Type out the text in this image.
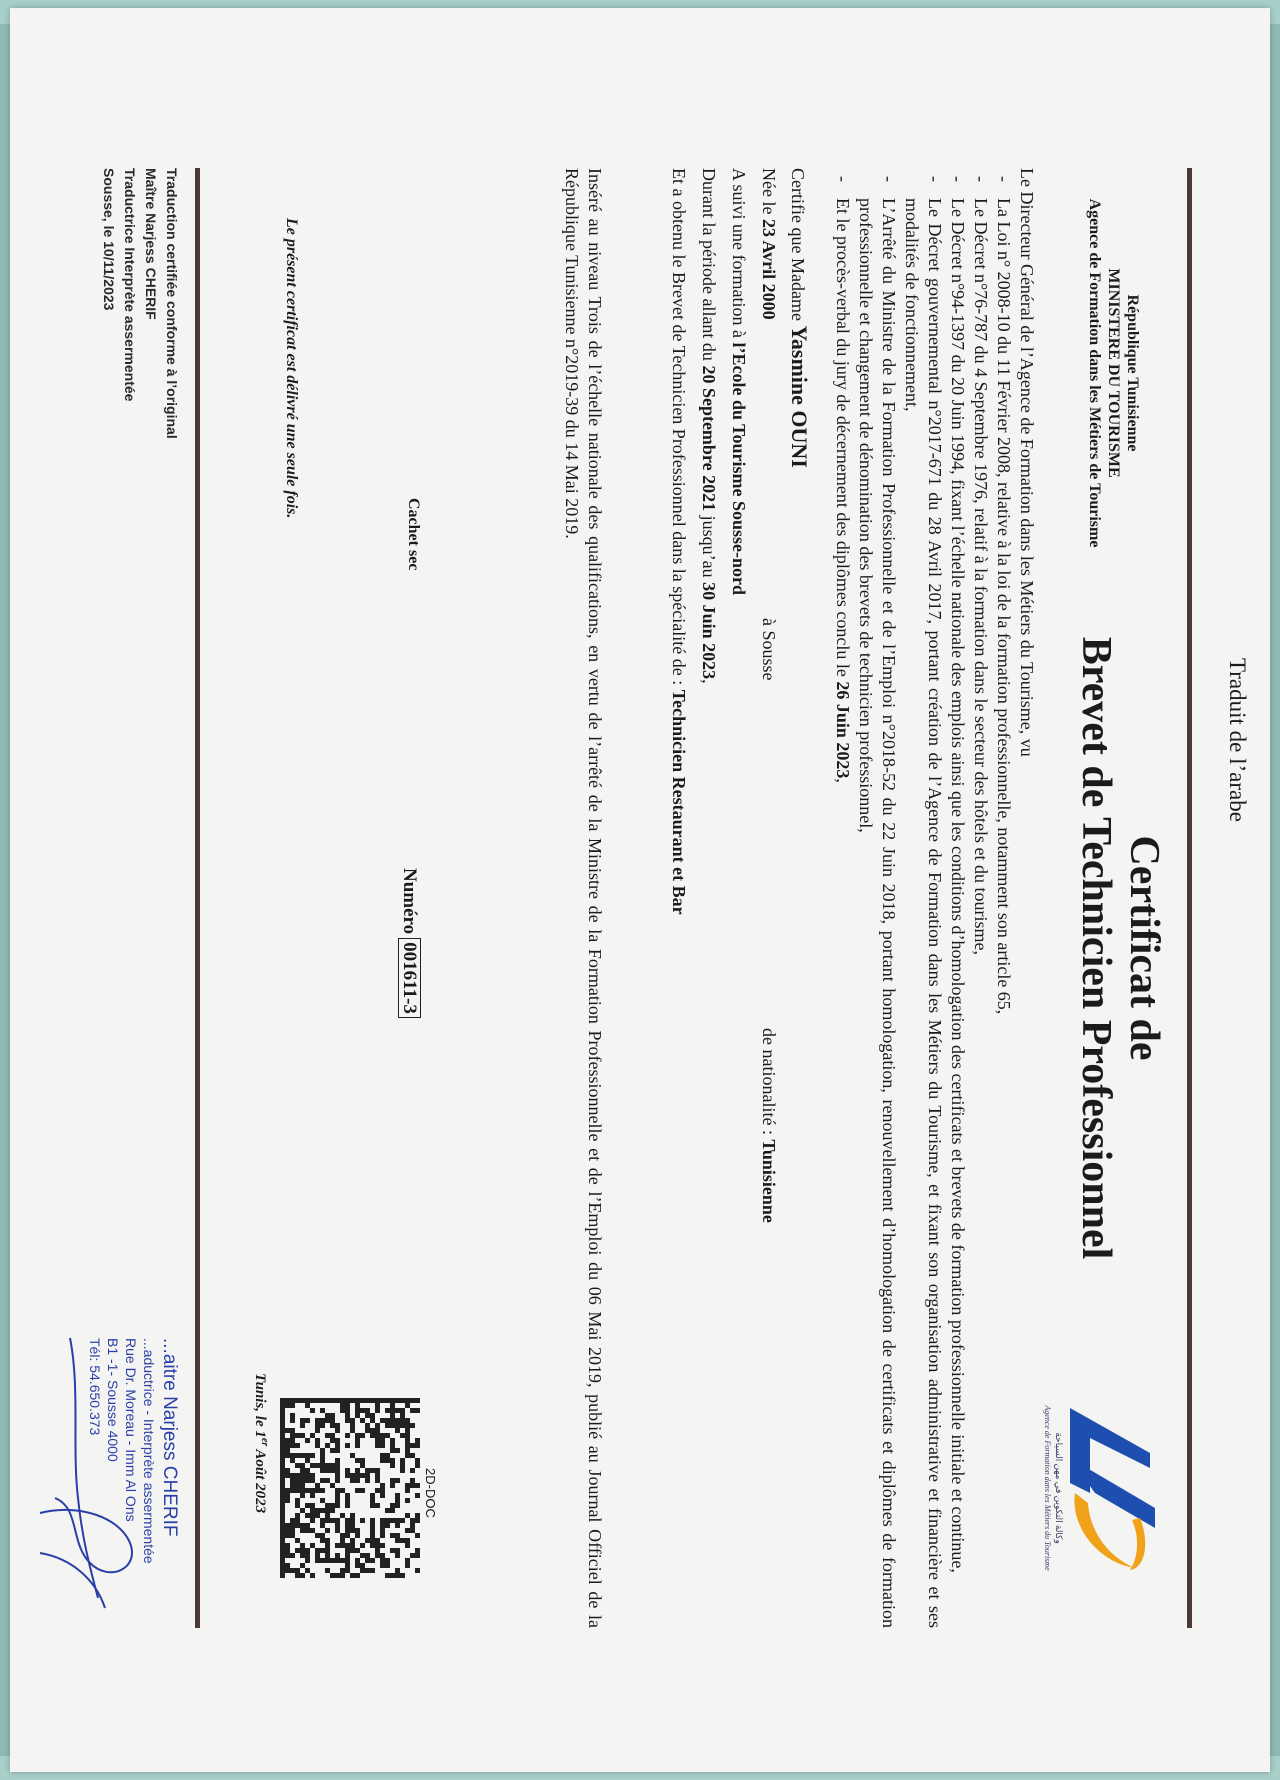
Traduit de l’arabe
République Tunisienne
MINISTERE DU TOURISME
Agence de Formation dans les Métiers de Tourisme
Certificat de
Brevet de Technicien Professionnel
وكالة التكوين في مهن السياحة
Agence de Formation dans les Métiers du Tourisme

Le Directeur Général de l’Agence de Formation dans les Métiers du Tourisme, vu

- La Loi n° 2008-10 du 11 Février 2008, relative à la loi de la formation professionnelle, notamment son article 65,
- Le Décret n°76-787 du 4 Septembre 1976, relatif à la formation dans le secteur des hôtels et du tourisme,
- Le Décret n°94-1397 du 20 Juin 1994, fixant l’échelle nationale des emplois ainsi que les conditions d’homologation des certificats et brevets de formation professionnelle initiale et continue,
- Le Décret gouvernemental n°2017-671 du 28 Avril 2017, portant création de l’Agence de Formation dans les Métiers du Tourisme, et fixant son organisation administrative et financière et ses modalités de fonctionnement,
- L’Arrêté du Ministre de la Formation Professionnelle et de l’Emploi n°2018-52 du 22 Juin 2018, portant homologation, renouvellement d’homologation de certificats et diplômes de formation professionnelle et changement de dénomination des brevets de technicien professionnel,
- Et le procès-verbal du jury de décernement des diplômes conclu le 26 Juin 2023,
Certifie que Madame Yasmine OUNI
Née le 23 Avril 2000
à Sousse
de nationalité : Tunisienne
A suivi une formation à l’Ecole du Tourisme Sousse-nord
Durant la période allant du 20 Septembre 2021 jusqu’au 30 Juin 2023,
Et a obtenu le Brevet de Technicien Professionnel dans la spécialité de : Technicien Restaurant et Bar
Inséré au niveau Trois de l’échelle nationale des qualifications, en vertu de l’arrêté de la Ministre de la Formation Professionnelle et de l’Emploi du 06 Mai 2019, publié au Journal Officiel de la République Tunisienne n°2019-39 du 14 Mai 2019.
Cachet sec
Numéro001611-3
Le présent certificat est délivré une seule fois.
2D-DOC
Tunis, le 1er Août 2023
Traduction certifiée conforme à l’original
Maître Narjess CHERIF
Traductrice Interprète assermentée
Sousse, le 10/11/2023
...aitre Narjess CHERIF
...aductrice - Interprète assermentée
Rue Dr. Moreau - Imm Al Ons
B1 -1- Sousse 4000
Tél: 54.650.373
